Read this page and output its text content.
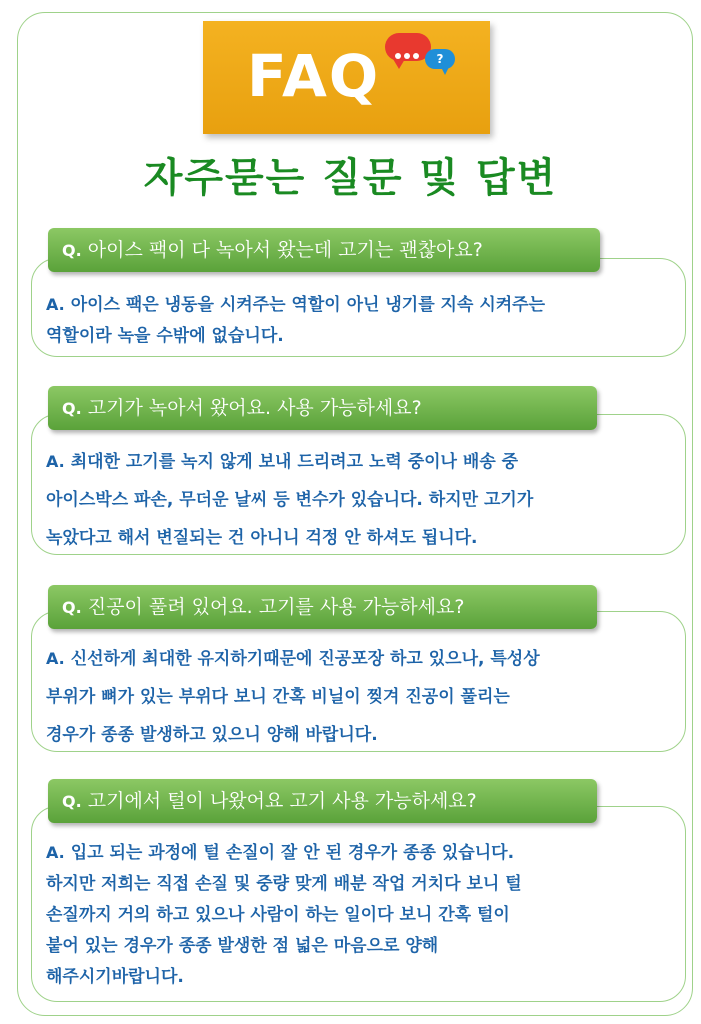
FAQ	?
자주묻는 질문 및 답변
A. 아이스 팩은 냉동을 시켜주는 역할이 아닌 냉기를 지속 시켜주는
역할이라 녹을 수밖에 없습니다.
Q. 아이스 팩이 다 녹아서 왔는데 고기는 괜찮아요?
A. 최대한 고기를 녹지 않게 보내 드리려고 노력 중이나 배송 중
아이스박스 파손, 무더운 날씨 등 변수가 있습니다. 하지만 고기가
녹았다고 해서 변질되는 건 아니니 걱정 안 하셔도 됩니다.
Q. 고기가 녹아서 왔어요. 사용 가능하세요?
A. 신선하게 최대한 유지하기때문에 진공포장 하고 있으나, 특성상
부위가 뼈가 있는 부위다 보니 간혹 비닐이 찢겨 진공이 풀리는
경우가 종종 발생하고 있으니 양해 바랍니다.
Q. 진공이 풀려 있어요. 고기를 사용 가능하세요?
A. 입고 되는 과정에 털 손질이 잘 안 된 경우가 종종 있습니다.
하지만 저희는 직접 손질 및 중량 맞게 배분 작업 거치다 보니 털
손질까지 거의 하고 있으나 사람이 하는 일이다 보니 간혹 털이
붙어 있는 경우가 종종 발생한 점 넓은 마음으로 양해
해주시기바랍니다.
Q. 고기에서 털이 나왔어요 고기 사용 가능하세요?
